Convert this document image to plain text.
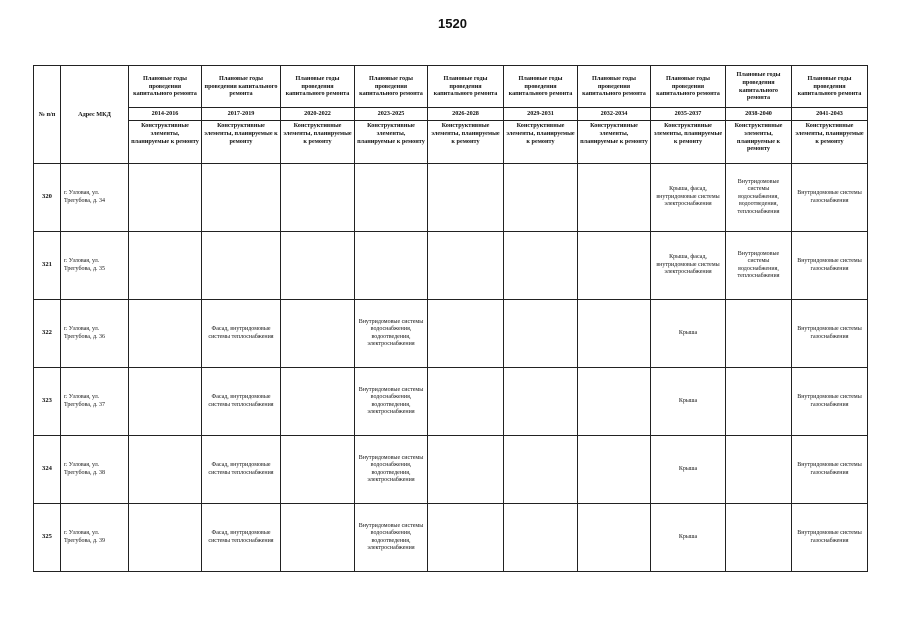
1520
№ п/п	Адрес МКД	Плановые годы проведения капитального ремонта	Плановые годы проведения капитального ремонта	Плановые годы проведения капитального ремонта	Плановые годы проведения капитального ремонта	Плановые годы проведения капитального ремонта	Плановые годы проведения капитального ремонта	Плановые годы проведения капитального ремонта	Плановые годы проведения капитального ремонта	Плановые годы проведения капитального ремонта	Плановые годы проведения капитального ремонта
		2014-2016	2017-2019	2020-2022	2023-2025	2026-2028	2029-2031	2032-2034	2035-2037	2038-2040	2041-2043
		Конструктивные элементы, планируемые к ремонту	Конструктивные элементы, планируемые к ремонту	Конструктивные элементы, планируемые к ремонту	Конструктивные элементы, планируемые к ремонту	Конструктивные элементы, планируемые к ремонту	Конструктивные элементы, планируемые к ремонту	Конструктивные элементы, планируемые к ремонту	Конструктивные элементы, планируемые к ремонту	Конструктивные элементы, планируемые к ремонту	Конструктивные элементы, планируемые к ремонту
320	г. Узловая, ул. Трегубова, д. 34								Крыша, фасад, внутридомовые системы электроснабжения	Внутридомовые системы водоснабжения, водоотведения, теплоснабжения	Внутридомовые системы газоснабжения
321	г. Узловая, ул. Трегубова, д. 35								Крыша, фасад, внутридомовые системы электроснабжения	Внутридомовые системы водоснабжения, теплоснабжения	Внутридомовые системы газоснабжения
322	г. Узловая, ул. Трегубова, д. 36		Фасад, внутридомовые системы теплоснабжения		Внутридомовые системы водоснабжения, водоотведения, электроснабжения				Крыша		Внутридомовые системы газоснабжения
323	г. Узловая, ул. Трегубова, д. 37		Фасад, внутридомовые системы теплоснабжения		Внутридомовые системы водоснабжения, водоотведения, электроснабжения				Крыша		Внутридомовые системы газоснабжения
324	г. Узловая, ул. Трегубова, д. 38		Фасад, внутридомовые системы теплоснабжения		Внутридомовые системы водоснабжения, водоотведения, электроснабжения				Крыша		Внутридомовые системы газоснабжения
325	г. Узловая, ул. Трегубова, д. 39		Фасад, внутридомовые системы теплоснабжения		Внутридомовые системы водоснабжения, водоотведения, электроснабжения				Крыша		Внутридомовые системы газоснабжения
